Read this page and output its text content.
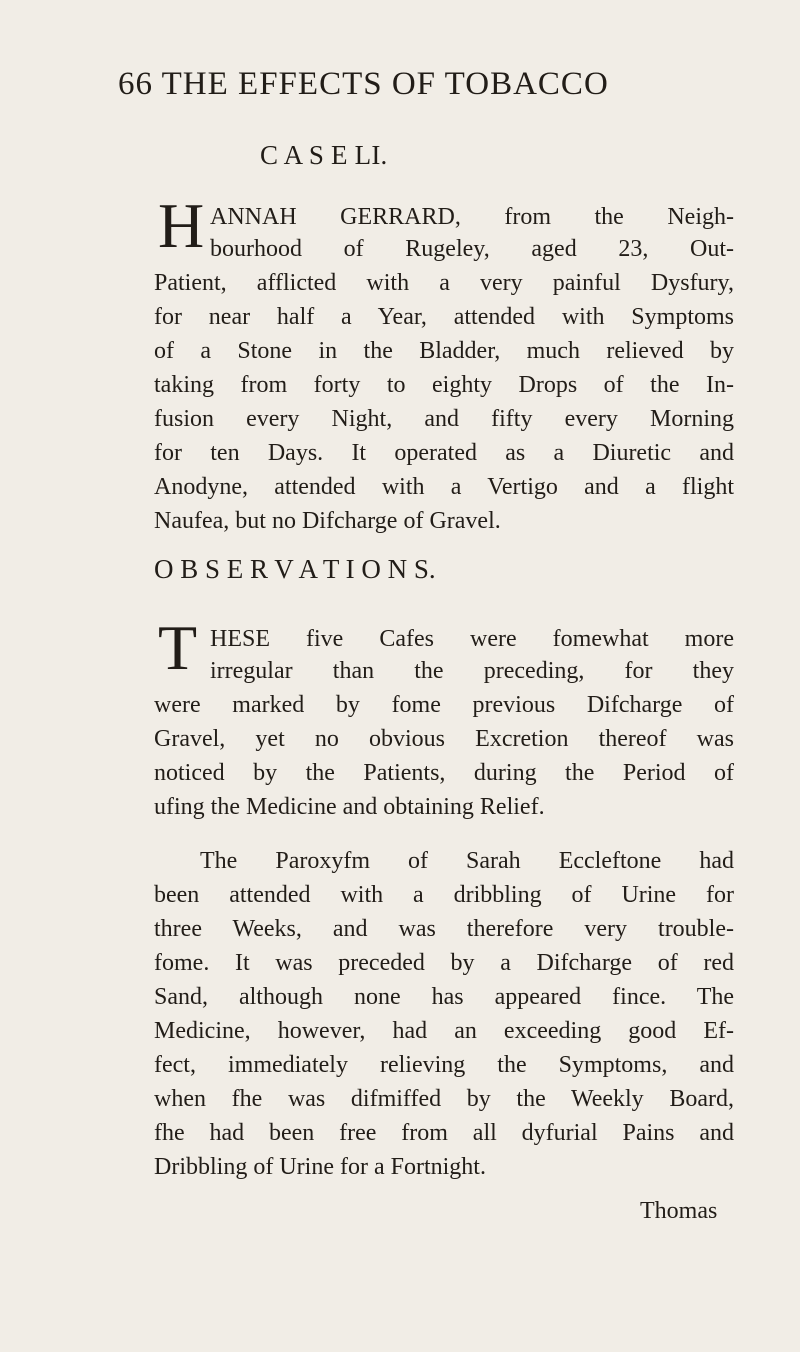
66 THE EFFECTS OF TOBACCO
C A S E LI.
H ANNAH GERRARD, from the Neigh-
bourhood of Rugeley, aged 23, Out-
Patient, afflicted with a very painful Dysfury,
for near half a Year, attended with Symptoms
of a Stone in the Bladder, much relieved by
taking from forty to eighty Drops of the In-
fusion every Night, and fifty every Morning
for ten Days. It operated as a Diuretic and
Anodyne, attended with a Vertigo and a flight
Naufea, but no Difcharge of Gravel.
O B S E R V A T I O N S.
T HESE five Cafes were fomewhat more
irregular than the preceding, for they
were marked by fome previous Difcharge of
Gravel, yet no obvious Excretion thereof was
noticed by the Patients, during the Period of
ufing the Medicine and obtaining Relief.
The Paroxyfm of Sarah Eccleftone had
been attended with a dribbling of Urine for
three Weeks, and was therefore very trouble-
fome. It was preceded by a Difcharge of red
Sand, although none has appeared fince. The
Medicine, however, had an exceeding good Ef-
fect, immediately relieving the Symptoms, and
when fhe was difmiffed by the Weekly Board,
fhe had been free from all dyfurial Pains and
Dribbling of Urine for a Fortnight.
Thomas
